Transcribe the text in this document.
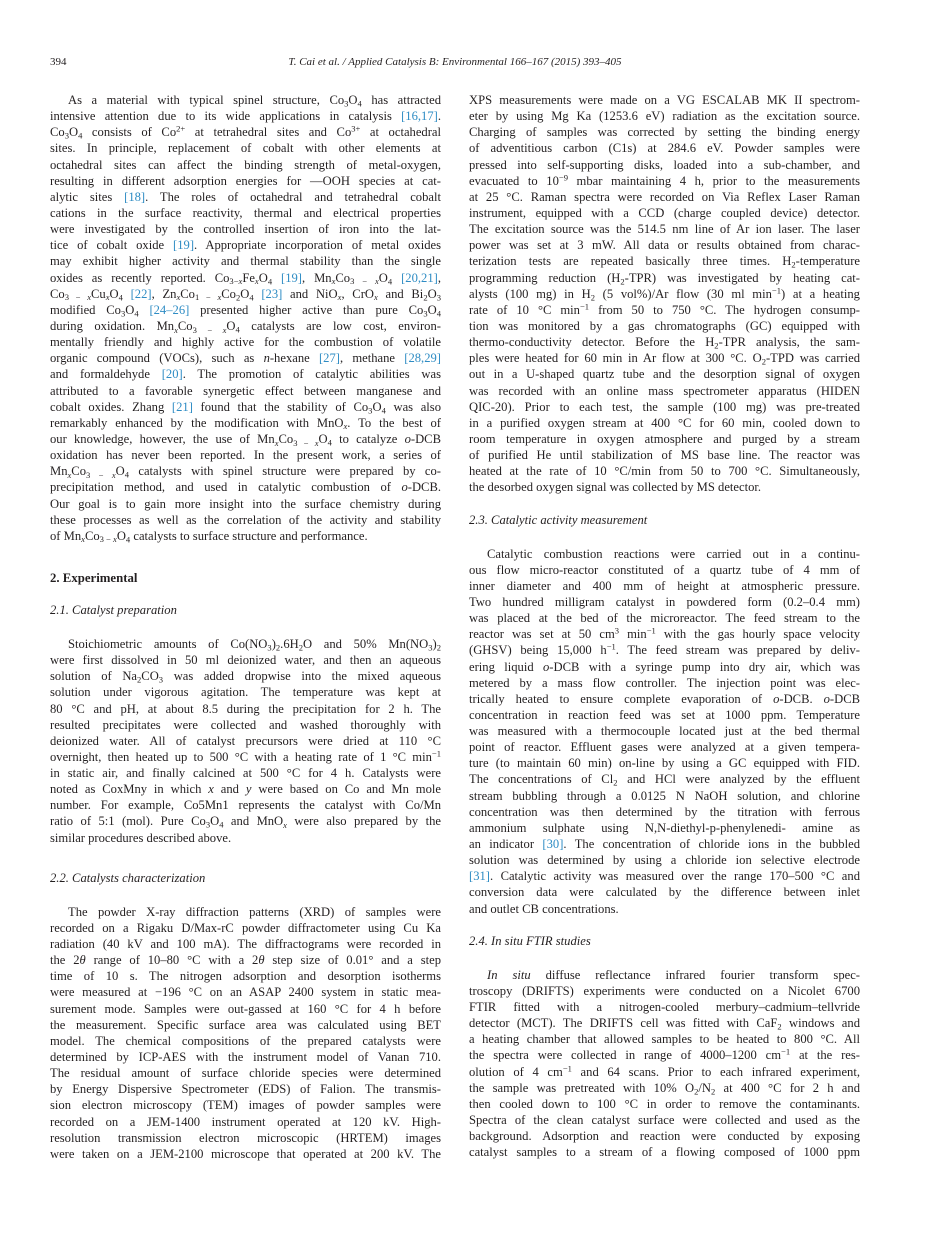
394	T. Cai et al. / Applied Catalysis B: Environmental 166–167 (2015) 393–405
As a material with typical spinel structure, $Co_3O_4$ has attracted
intensive attention due to its wide applications in catalysis [16,17].
$Co_3O_4$ consists of $Co^{2+}$ at tetrahedral sites and $Co^{3+}$ at octahedral
sites. In principle, replacement of cobalt with other elements at
octahedral sites can affect the binding strength of metal-oxygen,
resulting in different adsorption energies for —OOH species at cat-
alytic sites [18]. The roles of octahedral and tetrahedral cobalt
cations in the surface reactivity, thermal and electrical properties
were investigated by the controlled insertion of iron into the lat-
tice of cobalt oxide [19]. Appropriate incorporation of metal oxides
may exhibit higher activity and thermal stability than the single
oxides as recently reported. $Co_{3-x}Fe_xO_4$ [19], $Mn_xCo_{3 - x}O_4$ [20,21],
$Co_{3 - x}Cu_xO_4$ [22], $Zn_xCo_{1 - x}Co_2O_4$ [23] and NiO$_x$, CrO$_x$ and $Bi_2O_3$
modified $Co_3O_4$ [24–26] presented higher active than pure $Co_3O_4$
during oxidation. $Mn_xCo_{3 - x}O_4$ catalysts are low cost, environ-
mentally friendly and highly active for the combustion of volatile
organic compound (VOCs), such as n-hexane [27], methane [28,29]
and formaldehyde [20]. The promotion of catalytic abilities was
attributed to a favorable synergetic effect between manganese and
cobalt oxides. Zhang [21] found that the stability of $Co_3O_4$ was also
remarkably enhanced by the modification with MnO$_x$. To the best of
our knowledge, however, the use of $Mn_xCo_{3 - x}O_4$ to catalyze o-DCB
oxidation has never been reported. In the present work, a series of
$Mn_xCo_{3 - x}O_4$ catalysts with spinel structure were prepared by co-
precipitation method, and used in catalytic combustion of o-DCB.
Our goal is to gain more insight into the surface chemistry during
these processes as well as the correlation of the activity and stability
of $Mn_xCo_{3 - x}O_4$ catalysts to surface structure and performance.
2. Experimental
2.1. Catalyst preparation
Stoichiometric amounts of $Co(NO_3)_2.6H_2O$ and 50% $Mn(NO_3)_2$
were first dissolved in 50 ml deionized water, and then an aqueous
solution of $Na_2CO_3$ was added dropwise into the mixed aqueous
solution under vigorous agitation. The temperature was kept at
80 °C and pH, at about 8.5 during the precipitation for 2 h. The
resulted precipitates were collected and washed thoroughly with
deionized water. All of catalyst precursors were dried at 110 °C
overnight, then heated up to 500 °C with a heating rate of 1 °C $\min^{-1}$
in static air, and finally calcined at 500 °C for 4 h. Catalysts were
noted as CoxMny in which x and y were based on Co and Mn mole
number. For example, Co5Mn1 represents the catalyst with Co/Mn
ratio of 5:1 (mol). Pure $Co_3O_4$ and MnO$_x$ were also prepared by the
similar procedures described above.
2.2. Catalysts characterization
The powder X-ray diffraction patterns (XRD) of samples were
recorded on a Rigaku D/Max-rC powder diffractometer using Cu Ka
radiation (40 kV and 100 mA). The diffractograms were recorded in
the 2θ range of 10–80 °C with a 2θ step size of 0.01° and a step
time of 10 s. The nitrogen adsorption and desorption isotherms
were measured at −196 °C on an ASAP 2400 system in static mea-
surement mode. Samples were out-gassed at 160 °C for 4 h before
the measurement. Specific surface area was calculated using BET
model. The chemical compositions of the prepared catalysts were
determined by ICP-AES with the instrument model of Vanan 710.
The residual amount of surface chloride species were determined
by Energy Dispersive Spectrometer (EDS) of Falion. The transmis-
sion electron microscopy (TEM) images of powder samples were
recorded on a JEM-1400 instrument operated at 120 kV. High-
resolution transmission electron microscopic (HRTEM) images
were taken on a JEM-2100 microscope that operated at 200 kV. The
XPS measurements were made on a VG ESCALAB MK II spectrom-
eter by using Mg Ka (1253.6 eV) radiation as the excitation source.
Charging of samples was corrected by setting the binding energy
of adventitious carbon (C1s) at 284.6 eV. Powder samples were
pressed into self-supporting disks, loaded into a sub-chamber, and
evacuated to $10^{-9}$ mbar maintaining 4 h, prior to the measurements
at 25 °C. Raman spectra were recorded on Via Reflex Laser Raman
instrument, equipped with a CCD (charge coupled device) detector.
The excitation source was the 514.5 nm line of Ar ion laser. The laser
power was set at 3 mW. All data or results obtained from charac-
terization tests are repeated basically three times. $H_2$-temperature
programming reduction $(H_2-TPR)$ was investigated by heating cat-
alysts (100 mg) in $H_2$ (5 vol%)/Ar flow (30 ml $\min^{-1}$) at a heating
rate of 10 °C $\min^{-1}$ from 50 to 750 °C. The hydrogen consump-
tion was monitored by a gas chromatographs (GC) equipped with
thermo-conductivity detector. Before the $H_2$-TPR analysis, the sam-
ples were heated for 60 min in Ar flow at 300 °C. $O_2$-TPD was carried
out in a U-shaped quartz tube and the desorption signal of oxygen
was recorded with an online mass spectrometer apparatus (HIDEN
QIC-20). Prior to each test, the sample (100 mg) was pre-treated
in a purified oxygen stream at 400 °C for 60 min, cooled down to
room temperature in oxygen atmosphere and purged by a stream
of purified He until stabilization of MS base line. The reactor was
heated at the rate of 10 °C/min from 50 to 700 °C. Simultaneously,
the desorbed oxygen signal was collected by MS detector.
2.3. Catalytic activity measurement
Catalytic combustion reactions were carried out in a continu-
ous flow micro-reactor constituted of a quartz tube of 4 mm of
inner diameter and 400 mm of height at atmospheric pressure.
Two hundred milligram catalyst in powdered form (0.2–0.4 mm)
was placed at the bed of the microreactor. The feed stream to the
reactor was set at 50 $cm^3$ $\min^{-1}$ with the gas hourly space velocity
(GHSV) being 15,000 $h^{-1}$. The feed stream was prepared by deliv-
ering liquid o-DCB with a syringe pump into dry air, which was
metered by a mass flow controller. The injection point was elec-
trically heated to ensure complete evaporation of o-DCB. o-DCB
concentration in reaction feed was set at 1000 ppm. Temperature
was measured with a thermocouple located just at the bed thermal
point of reactor. Effluent gases were analyzed at a given tempera-
ture (to maintain 60 min) on-line by using a GC equipped with FID.
The concentrations of $Cl_2$ and HCl were analyzed by the effluent
stream bubbling through a 0.0125 N NaOH solution, and chlorine
concentration was then determined by the titration with ferrous
ammonium sulphate using N,N-diethyl-p-phenylenedi- amine as
an indicator [30]. The concentration of chloride ions in the bubbled
solution was determined by using a chloride ion selective electrode
[31]. Catalytic activity was measured over the range 170–500 °C and
conversion data were calculated by the difference between inlet
and outlet CB concentrations.
2.4. In situ FTIR studies
In situ diffuse reflectance infrared fourier transform spec-
troscopy (DRIFTS) experiments were conducted on a Nicolet 6700
FTIR fitted with a nitrogen-cooled merbury–cadmium–tellvride
detector (MCT). The DRIFTS cell was fitted with CaF$_2$ windows and
a heating chamber that allowed samples to be heated to 800 °C. All
the spectra were collected in range of 4000–1200 $cm^{-1}$ at the res-
olution of 4 $cm^{-1}$ and 64 scans. Prior to each infrared experiment,
the sample was pretreated with 10% $O_2/N_2$ at 400 °C for 2 h and
then cooled down to 100 °C in order to remove the contaminants.
Spectra of the clean catalyst surface were collected and used as the
background. Adsorption and reaction were conducted by exposing
catalyst samples to a stream of a flowing composed of 1000 ppm
